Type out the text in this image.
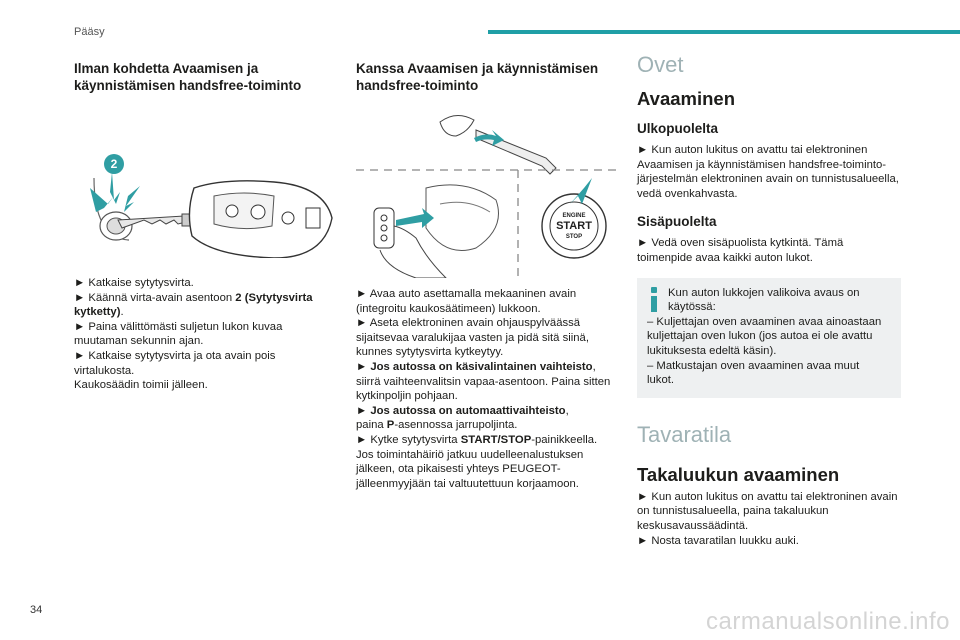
Pääsy
Ilman kohdetta Avaamisen ja käynnistämisen handsfree-toiminto
2

► Katkaise sytytysvirta.

► Käännä virta-avain asentoon 2 (Sytytysvirta kytketty).

► Paina välittömästi suljetun lukon kuvaa muutaman sekunnin ajan.

► Katkaise sytytysvirta ja ota avain pois virtalukosta.

Kaukosäädin toimii jälleen.

Kanssa Avaamisen ja käynnistämisen handsfree-toiminto
ENGINE
START
STOP

► Avaa auto asettamalla mekaaninen avain (integroitu kaukosäätimeen) lukkoon.

► Aseta elektroninen avain ohjauspylväässä sijaitsevaa varalukijaa vasten ja pidä sitä siinä, kunnes sytytysvirta kytkeytyy.

► Jos autossa on käsivalintainen vaihteisto, siirrä vaihteenvalitsin vapaa-asentoon. Paina sitten kytkinpoljin pohjaan.

► Jos autossa on automaattivaihteisto,

paina P-asennossa jarrupoljinta.

► Kytke sytytysvirta START/STOP-painikkeella.

Jos toimintahäiriö jatkuu uudelleenalustuksen jälkeen, ota pikaisesti yhteys PEUGEOT-jälleenmyyjään tai valtuutettuun korjaamoon.

Ovet
Avaaminen
Ulkopuolelta
► Kun auton lukitus on avattu tai elektroninen Avaamisen ja käynnistämisen handsfree-toiminto-järjestelmän elektroninen avain on tunnistusalueella, vedä ovenkahvasta.
Sisäpuolelta
► Vedä oven sisäpuolista kytkintä. Tämä toimenpide avaa kaikki auton lukot.
Kun auton lukkojen valikoiva avaus on käytössä:
– Kuljettajan oven avaaminen avaa ainoastaan kuljettajan oven lukon (jos autoa ei ole avattu lukituksesta edeltä käsin).
– Matkustajan oven avaaminen avaa muut lukot.
Tavaratila
Takaluukun avaaminen

► Kun auton lukitus on avattu tai elektroninen avain on tunnistusalueella, paina takaluukun keskusavaussäädintä.

► Nosta tavaratilan luukku auki.

34	carmanualsonline.info
